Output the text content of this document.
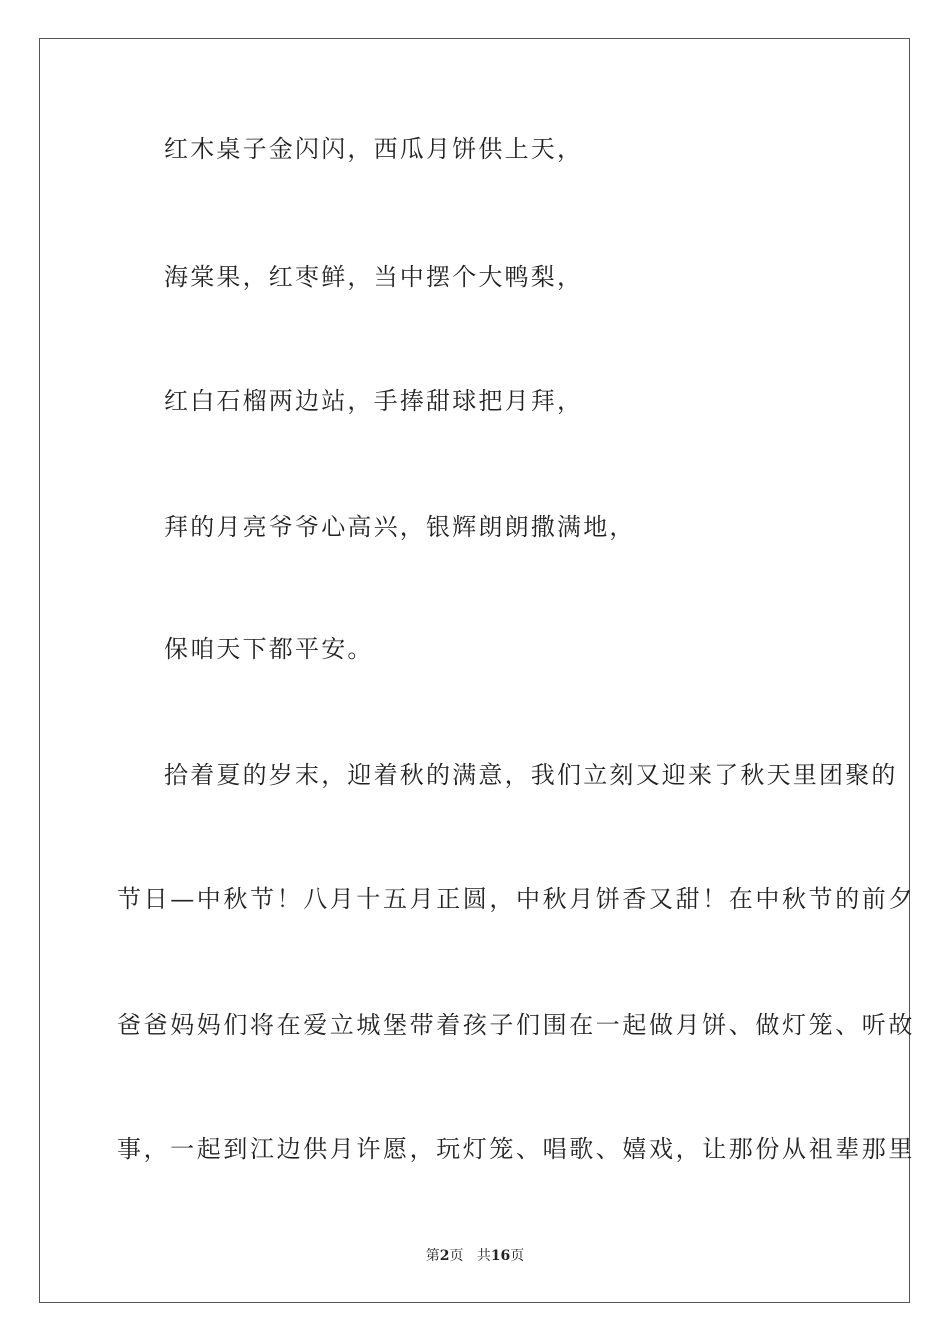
红木桌子金闪闪，西瓜月饼供上天，

海棠果，红枣鲜，当中摆个大鸭梨，

红白石榴两边站，手捧甜球把月拜，

拜的月亮爷爷心高兴，银辉朗朗撒满地，

保咱天下都平安。

拾着夏的岁末，迎着秋的满意，我们立刻又迎来了秋天里团聚的

节日—中秋节！八月十五月正圆，中秋月饼香又甜！在中秋节的前夕

爸爸妈妈们将在爱立城堡带着孩子们围在一起做月饼、做灯笼、听故

事，一起到江边供月许愿，玩灯笼、唱歌、嬉戏，让那份从祖辈那里

第2页 共16页
